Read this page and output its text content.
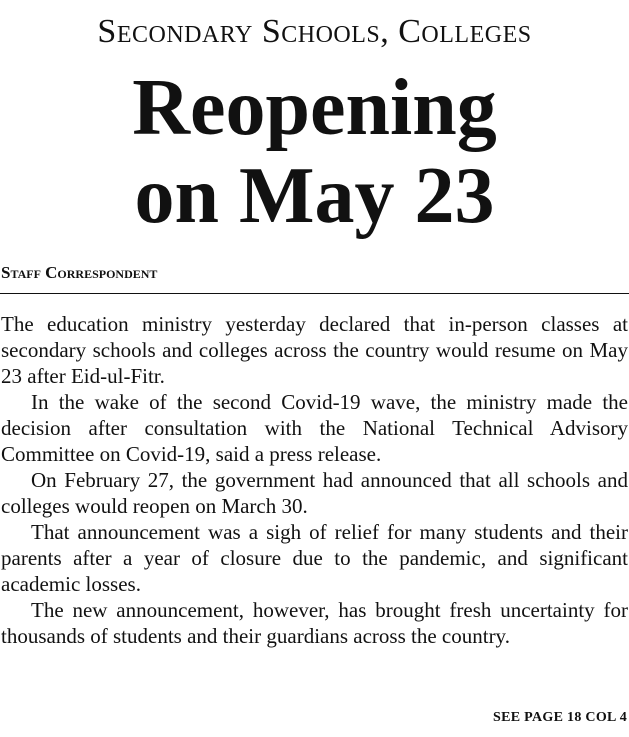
Secondary Schools, Colleges
Reopening
on May 23
Staff Correspondent

The education ministry yesterday declared that in-person classes at secondary schools and colleges across the country would resume on May 23 after Eid-ul-Fitr.

In the wake of the second Covid-19 wave, the ministry made the decision after consultation with the National Technical Advisory Committee on Covid-19, said a press release.

On February 27, the government had announced that all schools and colleges would reopen on March 30.

That announcement was a sigh of relief for many students and their parents after a year of closure due to the pandemic, and significant academic losses.

The new announcement, however, has brought fresh uncertainty for thousands of students and their guardians across the country.

SEE PAGE 18 COL 4
